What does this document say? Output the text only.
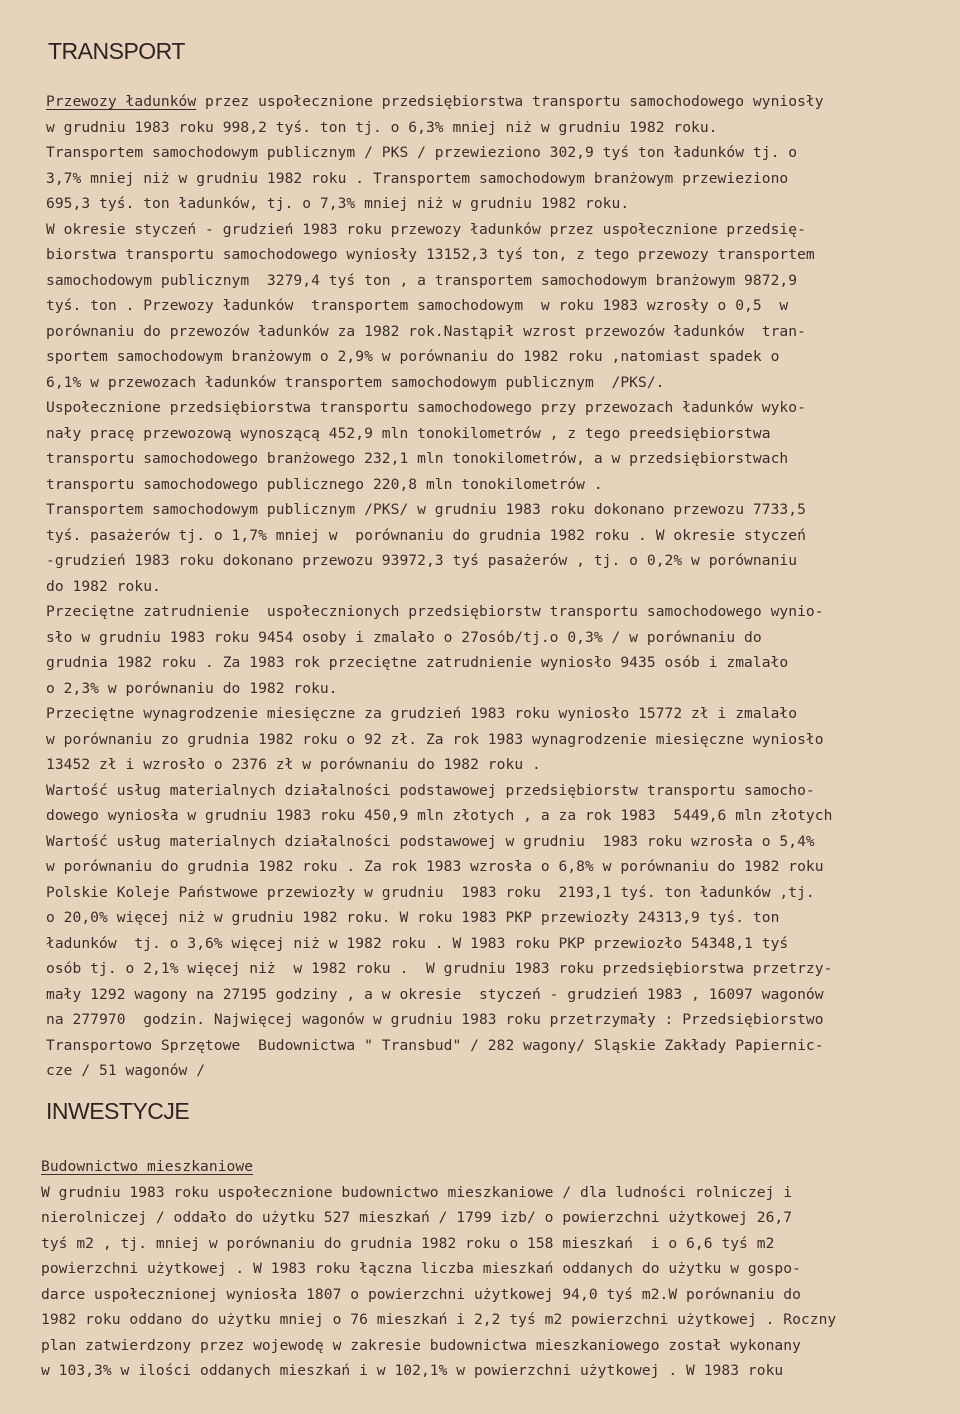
TRANSPORT
Przewozy ładunków przez uspołecznione przedsiębiorstwa transportu samochodowego wyniosły
w grudniu 1983 roku 998,2 tyś. ton tj. o 6,3% mniej niż w grudniu 1982 roku.
Transportem samochodowym publicznym / PKS / przewieziono 302,9 tyś ton ładunków tj. o
3,7% mniej niż w grudniu 1982 roku . Transportem samochodowym branżowym przewieziono
695,3 tyś. ton ładunków, tj. o 7,3% mniej niż w grudniu 1982 roku.
W okresie styczeń - grudzień 1983 roku przewozy ładunków przez uspołecznione przedsię-
biorstwa transportu samochodowego wyniosły 13152,3 tyś ton, z tego przewozy transportem
samochodowym publicznym  3279,4 tyś ton , a transportem samochodowym branżowym 9872,9
tyś. ton . Przewozy ładunków  transportem samochodowym  w roku 1983 wzrosły o 0,5  w
porównaniu do przewozów ładunków za 1982 rok.Nastąpił wzrost przewozów ładunków  tran-
sportem samochodowym branżowym o 2,9% w porównaniu do 1982 roku ,natomiast spadek o
6,1% w przewozach ładunków transportem samochodowym publicznym  /PKS/.
Uspołecznione przedsiębiorstwa transportu samochodowego przy przewozach ładunków wyko-
nały pracę przewozową wynoszącą 452,9 mln tonokilometrów , z tego preedsiębiorstwa
transportu samochodowego branżowego 232,1 mln tonokilometrów, a w przedsiębiorstwach
transportu samochodowego publicznego 220,8 mln tonokilometrów .
Transportem samochodowym publicznym /PKS/ w grudniu 1983 roku dokonano przewozu 7733,5
tyś. pasażerów tj. o 1,7% mniej w  porównaniu do grudnia 1982 roku . W okresie styczeń
-grudzień 1983 roku dokonano przewozu 93972,3 tyś pasażerów , tj. o 0,2% w porównaniu
do 1982 roku.
Przeciętne zatrudnienie  uspołecznionych przedsiębiorstw transportu samochodowego wynio-
sło w grudniu 1983 roku 9454 osoby i zmalało o 27osób/tj.o 0,3% / w porównaniu do
grudnia 1982 roku . Za 1983 rok przeciętne zatrudnienie wyniosło 9435 osób i zmalało
o 2,3% w porównaniu do 1982 roku.
Przeciętne wynagrodzenie miesięczne za grudzień 1983 roku wyniosło 15772 zł i zmalało
w porównaniu zo grudnia 1982 roku o 92 zł. Za rok 1983 wynagrodzenie miesięczne wyniosło
13452 zł i wzrosło o 2376 zł w porównaniu do 1982 roku .
Wartość usług materialnych działalności podstawowej przedsiębiorstw transportu samocho-
dowego wyniosła w grudniu 1983 roku 450,9 mln złotych , a za rok 1983  5449,6 mln złotych
Wartość usług materialnych działalności podstawowej w grudniu  1983 roku wzrosła o 5,4%
w porównaniu do grudnia 1982 roku . Za rok 1983 wzrosła o 6,8% w porównaniu do 1982 roku
Polskie Koleje Państwowe przewiozły w grudniu  1983 roku  2193,1 tyś. ton ładunków ,tj.
o 20,0% więcej niż w grudniu 1982 roku. W roku 1983 PKP przewiozły 24313,9 tyś. ton
ładunków  tj. o 3,6% więcej niż w 1982 roku . W 1983 roku PKP przewiozło 54348,1 tyś
osób tj. o 2,1% więcej niż  w 1982 roku .  W grudniu 1983 roku przedsiębiorstwa przetrzy-
mały 1292 wagony na 27195 godziny , a w okresie  styczeń - grudzień 1983 , 16097 wagonów
na 277970  godzin. Najwięcej wagonów w grudniu 1983 roku przetrzymały : Przedsiębiorstwo
Transportowo Sprzętowe  Budownictwa " Transbud" / 282 wagony/ Sląskie Zakłady Papiernic-
cze / 51 wagonów /
INWESTYCJE
Budownictwo mieszkaniowe
W grudniu 1983 roku uspołecznione budownictwo mieszkaniowe / dla ludności rolniczej i
nierolniczej / oddało do użytku 527 mieszkań / 1799 izb/ o powierzchni użytkowej 26,7
tyś m2 , tj. mniej w porównaniu do grudnia 1982 roku o 158 mieszkań  i o 6,6 tyś m2
powierzchni użytkowej . W 1983 roku łączna liczba mieszkań oddanych do użytku w gospo-
darce uspołecznionej wyniosła 1807 o powierzchni użytkowej 94,0 tyś m2.W porównaniu do
1982 roku oddano do użytku mniej o 76 mieszkań i 2,2 tyś m2 powierzchni użytkowej . Roczny
plan zatwierdzony przez wojewodę w zakresie budownictwa mieszkaniowego został wykonany
w 103,3% w ilości oddanych mieszkań i w 102,1% w powierzchni użytkowej . W 1983 roku
